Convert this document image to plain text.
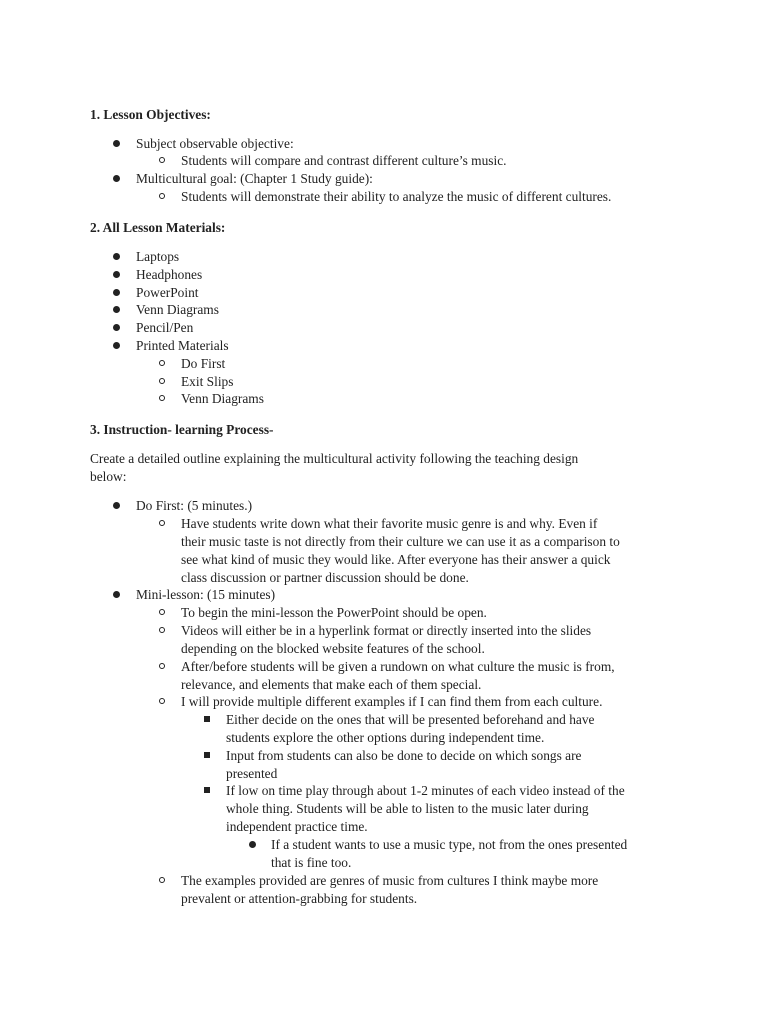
1. Lesson Objectives:
Subject observable objective:
Students will compare and contrast different culture’s music.
Multicultural goal: (Chapter 1 Study guide):
Students will demonstrate their ability to analyze the music of different cultures.
2. All Lesson Materials:
Laptops
Headphones
PowerPoint
Venn Diagrams
Pencil/Pen
Printed Materials
Do First
Exit Slips
Venn Diagrams
3. Instruction- learning Process-
Create a detailed outline explaining the multicultural activity following the teaching design
below:
Do First: (5 minutes.)
Have students write down what their favorite music genre is and why. Even if
their music taste is not directly from their culture we can use it as a comparison to
see what kind of music they would like. After everyone has their answer a quick
class discussion or partner discussion should be done.
Mini-lesson: (15 minutes)
To begin the mini-lesson the PowerPoint should be open.
Videos will either be in a hyperlink format or directly inserted into the slides
depending on the blocked website features of the school.
After/before students will be given a rundown on what culture the music is from,
relevance, and elements that make each of them special.
I will provide multiple different examples if I can find them from each culture.
Either decide on the ones that will be presented beforehand and have
students explore the other options during independent time.
Input from students can also be done to decide on which songs are
presented
If low on time play through about 1-2 minutes of each video instead of the
whole thing. Students will be able to listen to the music later during
independent practice time.
If a student wants to use a music type, not from the ones presented
that is fine too.
The examples provided are genres of music from cultures I think maybe more
prevalent or attention-grabbing for students.
